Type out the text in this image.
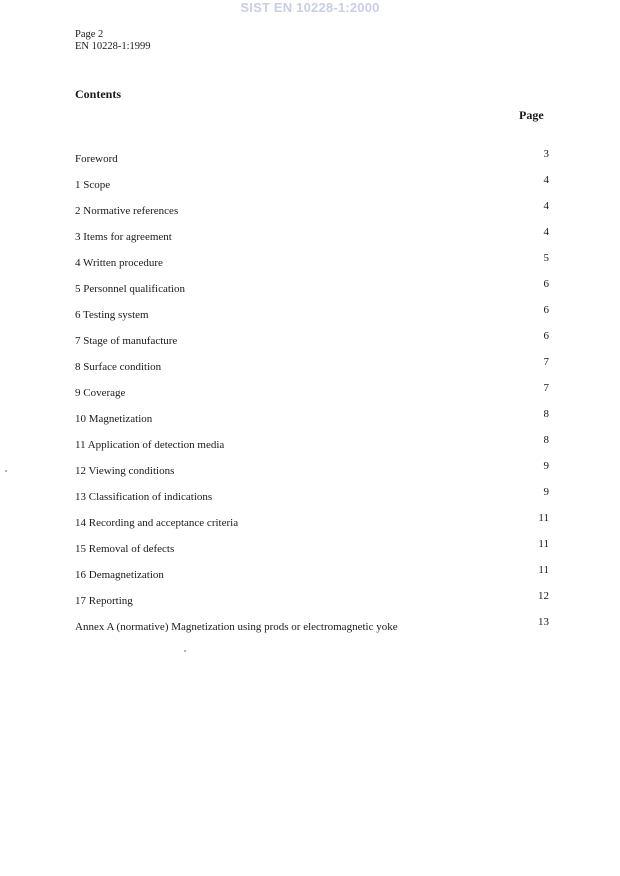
SIST EN 10228-1:2000
Page 2
EN 10228-1:1999
Contents
Page
Foreword	3
1 Scope	4
2 Normative references	4
3 Items for agreement	4
4 Written procedure	5
5 Personnel qualification	6
6 Testing system	6
7 Stage of manufacture	6
8 Surface condition	7
9 Coverage	7
10 Magnetization	8
11 Application of detection media	8
12 Viewing conditions	9
13 Classification of indications	9
14 Recording and acceptance criteria	11
15 Removal of defects	11
16 Demagnetization	11
17 Reporting	12
Annex A (normative) Magnetization using prods or electromagnetic yoke	13
